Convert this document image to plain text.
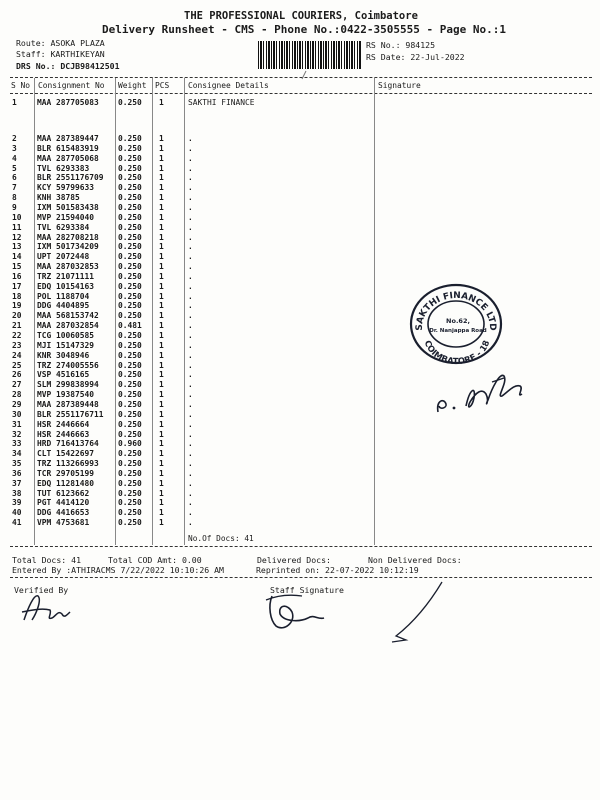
THE PROFESSIONAL COURIERS, Coimbatore
Delivery Runsheet - CMS - Phone No.:0422-3505555 - Page No.:1
Route: ASOKA PLAZA
Staff: KARTHIKEYAN
DRS No.: DCJB98412501
RS No.: 984125
RS Date: 22-Jul-2022
S No Consignment No Weight PCS Consignee Details	Signature
1	MAA 287705083 0.250 1	SAKTHI FINANCE
2	MAA 287389447 0.250 1	.
3	BLR 615483919 0.250 1	.
4	MAA 287705068 0.250 1	.
5	TVL 6293383	0.250 1	.
6	BLR 2551176709 0.250 1	.
7	KCY 59799633	0.250 1	.
8	KNH 38785	0.250 1	.
9	IXM 501583438 0.250 1	.
10 MVP 21594040	0.250 1	.
11 TVL 6293384	0.250 1	.
12 MAA 282708218 0.250 1	.
13 IXM 501734209 0.250 1	.
14 UPT 2072448	0.250 1	.
15 MAA 287032853 0.250 1	.
16 TRZ 21071111	0.250 1	.
17 EDQ 10154163	0.250 1	.
18 POL 1188704	0.250 1	.
19 DDG 4404895	0.250 1	.
20 MAA 568153742 0.250 1	.
21 MAA 287032854 0.481 1	.
22 TCG 10060585	0.250 1	.
23 MJI 15147329	0.250 1	.
24 KNR 3048946	0.250 1	.
25 TRZ 274005556 0.250 1	.
26 VSP 4516165	0.250 1	.
27 SLM 299838994 0.250 1	.
28 MVP 19387540	0.250 1	.
29 MAA 287389448 0.250 1	.
30 BLR 2551176711 0.250 1	.
31 HSR 2446664	0.250 1	.
32 HSR 2446663	0.250 1	.
33 HRD 716413764 0.960 1	.
34 CLT 15422697	0.250 1	.
35 TRZ 113266993 0.250 1	.
36 TCR 29705199	0.250 1	.
37 EDQ 11281480	0.250 1	.
38 TUT 6123662	0.250 1	.
39 PGT 4414120	0.250 1	.
40 DDG 4416653	0.250 1	.
41 VPM 4753681	0.250 1	.
No.Of Docs: 41
SAKTHI FINANCE LTD
COIMBATORE - 18
No.62,
Dr. Nanjappa Road
Total Docs: 41	Total COD Amt: 0.00	Delivered Docs:	Non Delivered Docs:
Entered By :ATHIRACMS 7/22/2022 10:10:26 AM	Reprinted on: 22-07-2022 10:12:19
Verified By	Staff Signature
